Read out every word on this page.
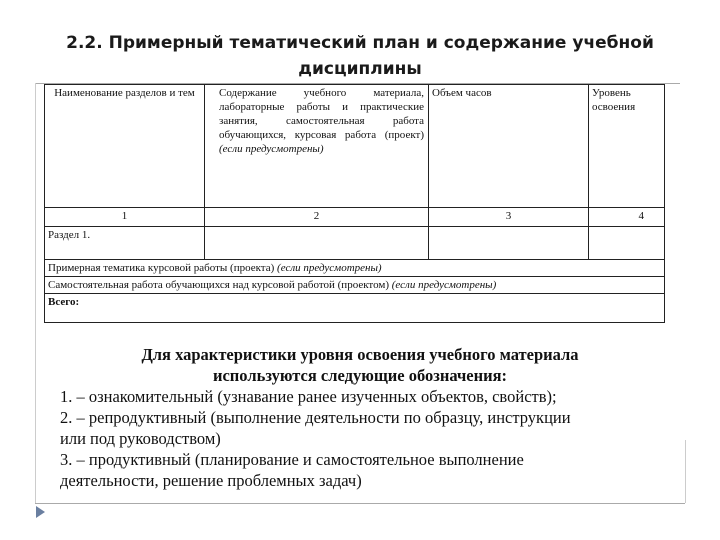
2.2. Примерный тематический план и содержание учебной
дисциплины
Наименование разделов и тем	Содержание учебного материала, лабораторные работы и практические занятия, самостоятельная работа обучающихся, курсовая работа (проект) (если предусмотрены)	Объем часов	Уровень освоения
1	2	3	4
Раздел 1.			
Примерная тематика курсовой работы (проекта) (если предусмотрены)			
Самостоятельная работа обучающихся над курсовой работой (проектом) (если предусмотрены)			
Всего:			
Для характеристики уровня освоения учебного материала
используются следующие обозначения:
1. – ознакомительный (узнавание ранее изученных объектов, свойств);
2. – репродуктивный (выполнение деятельности по образцу, инструкции
или под руководством)
3. – продуктивный (планирование и самостоятельное выполнение
деятельности, решение проблемных задач)
